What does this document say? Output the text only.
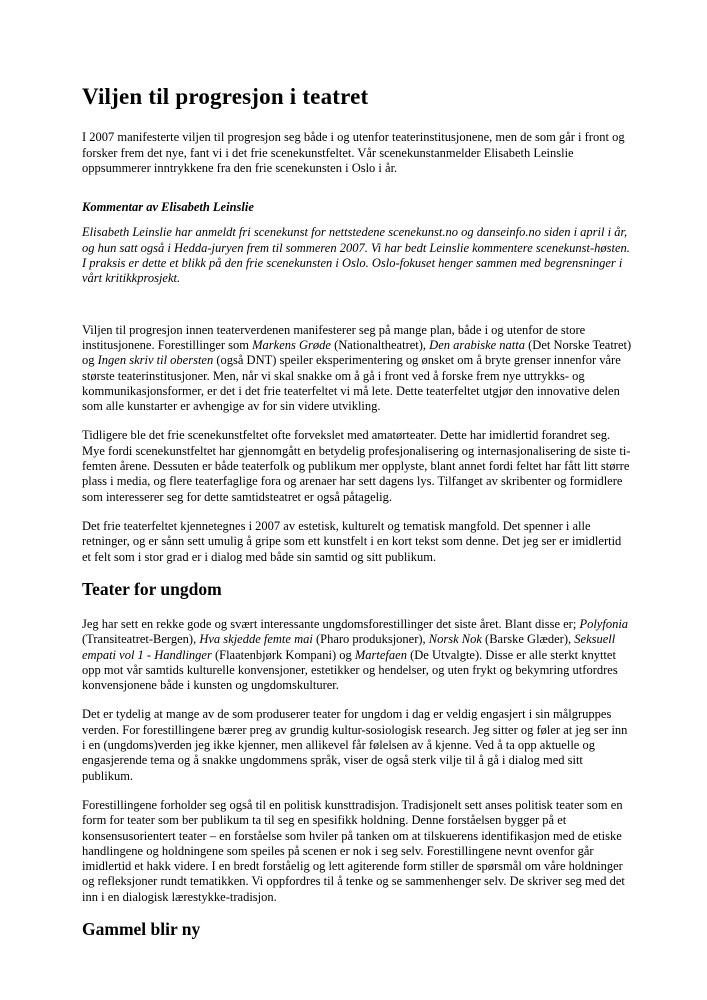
Viljen til progresjon i teatret

I 2007 manifesterte viljen til progresjon seg både i og utenfor teaterinstitusjonene, men de som går i front og forsker frem det nye, fant vi i det frie scenekunstfeltet. Vår scenekunstanmelder Elisabeth Leinslie oppsummerer inntrykkene fra den frie scenekunsten i Oslo i år.

Kommentar av Elisabeth Leinslie

Elisabeth Leinslie har anmeldt fri scenekunst for nettstedene scenekunst.no og danseinfo.no siden i april i år, og hun satt også i Hedda-juryen frem til sommeren 2007. Vi har bedt Leinslie kommentere scenekunst-høsten. I praksis er dette et blikk på den frie scenekunsten i Oslo. Oslo-fokuset henger sammen med begrensninger i vårt kritikkprosjekt.

Viljen til progresjon innen teaterverdenen manifesterer seg på mange plan, både i og utenfor de store institusjonene. Forestillinger som Markens Grøde (Nationaltheatret), Den arabiske natta (Det Norske Teatret) og Ingen skriv til obersten (også DNT) speiler eksperimentering og ønsket om å bryte grenser innenfor våre største teaterinstitusjoner. Men, når vi skal snakke om å gå i front ved å forske frem nye uttrykks- og kommunikasjonsformer, er det i det frie teaterfeltet vi må lete. Dette teaterfeltet utgjør den innovative delen som alle kunstarter er avhengige av for sin videre utvikling.

Tidligere ble det frie scenekunstfeltet ofte forvekslet med amatørteater. Dette har imidlertid forandret seg. Mye fordi scenekunstfeltet har gjennomgått en betydelig profesjonalisering og internasjonalisering de siste ti-femten årene. Dessuten er både teaterfolk og publikum mer opplyste, blant annet fordi feltet har fått litt større plass i media, og flere teaterfaglige fora og arenaer har sett dagens lys. Tilfanget av skribenter og formidlere som interesserer seg for dette samtidsteatret er også påtagelig.

Det frie teaterfeltet kjennetegnes i 2007 av estetisk, kulturelt og tematisk mangfold. Det spenner i alle retninger, og er sånn sett umulig å gripe som ett kunstfelt i en kort tekst som denne. Det jeg ser er imidlertid et felt som i stor grad er i dialog med både sin samtid og sitt publikum.

Teater for ungdom

Jeg har sett en rekke gode og svært interessante ungdomsforestillinger det siste året. Blant disse er; Polyfonia (Transiteatret-Bergen), Hva skjedde femte mai (Pharo produksjoner), Norsk Nok (Barske Glæder), Seksuell empati vol 1 - Handlinger (Flaatenbjørk Kompani) og Martefaen (De Utvalgte). Disse er alle sterkt knyttet opp mot vår samtids kulturelle konvensjoner, estetikker og hendelser, og uten frykt og bekymring utfordres konvensjonene både i kunsten og ungdomskulturer.

Det er tydelig at mange av de som produserer teater for ungdom i dag er veldig engasjert i sin målgruppes verden. For forestillingene bærer preg av grundig kultur-sosiologisk research. Jeg sitter og føler at jeg ser inn i en (ungdoms)verden jeg ikke kjenner, men allikevel får følelsen av å kjenne. Ved å ta opp aktuelle og engasjerende tema og å snakke ungdommens språk, viser de også sterk vilje til å gå i dialog med sitt publikum.

Forestillingene forholder seg også til en politisk kunsttradisjon. Tradisjonelt sett anses politisk teater som en form for teater som ber publikum ta til seg en spesifikk holdning. Denne forståelsen bygger på et konsensusorientert teater – en forståelse som hviler på tanken om at tilskuerens identifikasjon med de etiske handlingene og holdningene som speiles på scenen er nok i seg selv. Forestillingene nevnt ovenfor går imidlertid et hakk videre. I en bredt forståelig og lett agiterende form stiller de spørsmål om våre holdninger og refleksjoner rundt tematikken. Vi oppfordres til å tenke og se sammenhenger selv. De skriver seg med det inn i en dialogisk lærestykke-tradisjon.

Gammel blir ny
